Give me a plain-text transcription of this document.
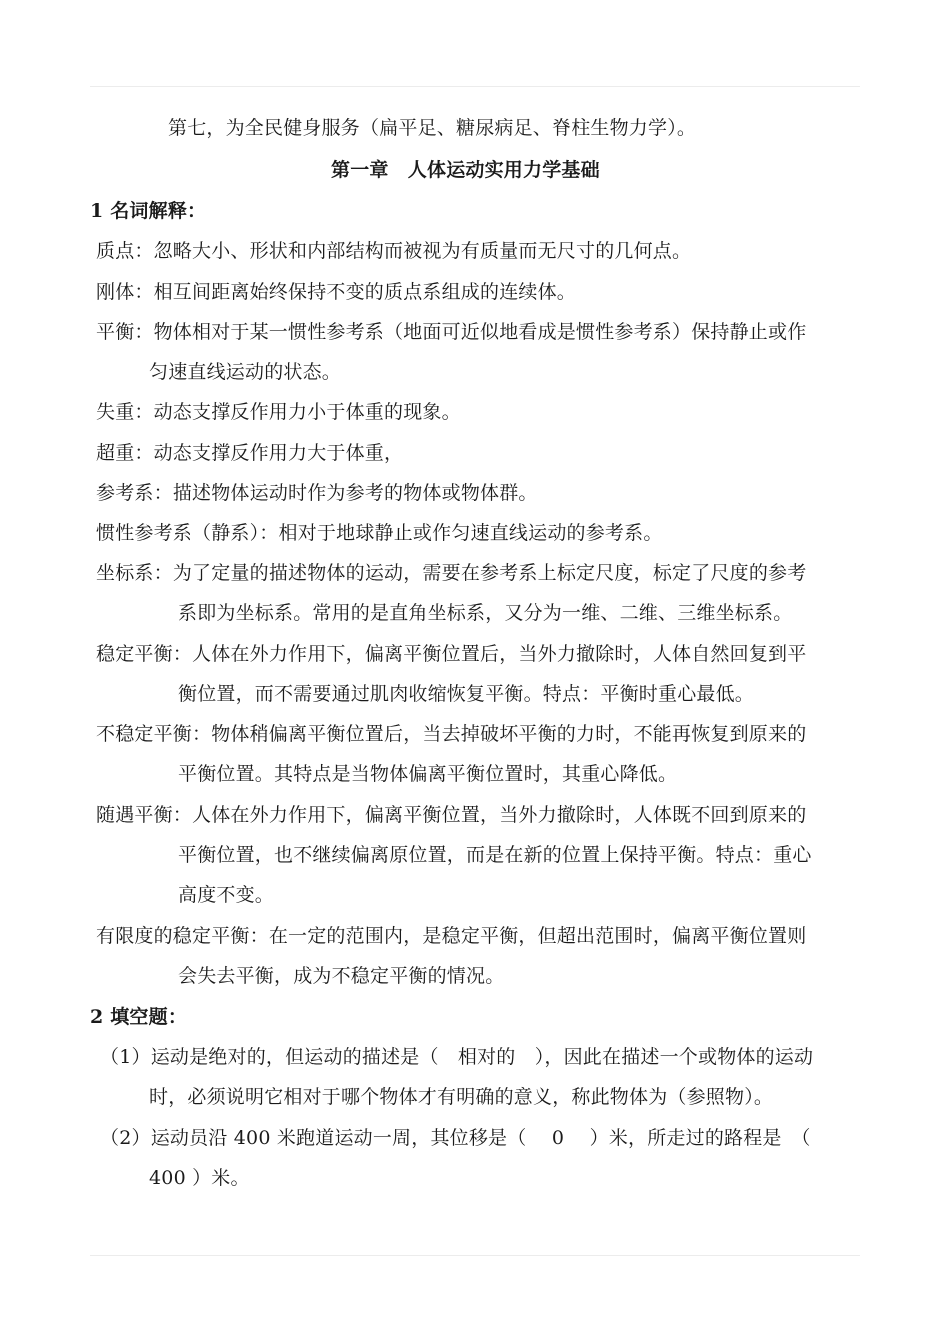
第七，为全民健身服务（扁平足、糖尿病足、脊柱生物力学）。
第一章　人体运动实用力学基础
1 名词解释：
质点：忽略大小、形状和内部结构而被视为有质量而无尺寸的几何点。
刚体：相互间距离始终保持不变的质点系组成的连续体。
平衡：物体相对于某一惯性参考系（地面可近似地看成是惯性参考系）保持静止或作
匀速直线运动的状态。
失重：动态支撑反作用力小于体重的现象。
超重：动态支撑反作用力大于体重，
参考系：描述物体运动时作为参考的物体或物体群。
惯性参考系（静系）：相对于地球静止或作匀速直线运动的参考系。
坐标系：为了定量的描述物体的运动，需要在参考系上标定尺度，标定了尺度的参考
系即为坐标系。常用的是直角坐标系，又分为一维、二维、三维坐标系。
稳定平衡：人体在外力作用下，偏离平衡位置后，当外力撤除时，人体自然回复到平
衡位置，而不需要通过肌肉收缩恢复平衡。特点：平衡时重心最低。
不稳定平衡：物体稍偏离平衡位置后，当去掉破坏平衡的力时，不能再恢复到原来的
平衡位置。其特点是当物体偏离平衡位置时，其重心降低。
随遇平衡：人体在外力作用下，偏离平衡位置，当外力撤除时，人体既不回到原来的
平衡位置，也不继续偏离原位置，而是在新的位置上保持平衡。特点：重心
高度不变。
有限度的稳定平衡：在一定的范围内，是稳定平衡，但超出范围时，偏离平衡位置则
会失去平衡，成为不稳定平衡的情况。
2 填空题：
（1）运动是绝对的，但运动的描述是（　相对的　），因此在描述一个或物体的运动
时，必须说明它相对于哪个物体才有明确的意义，称此物体为（参照物）。
（2）运动员沿 400 米跑道运动一周，其位移是（　 0 　）米，所走过的路程是　（
400 ）米。
